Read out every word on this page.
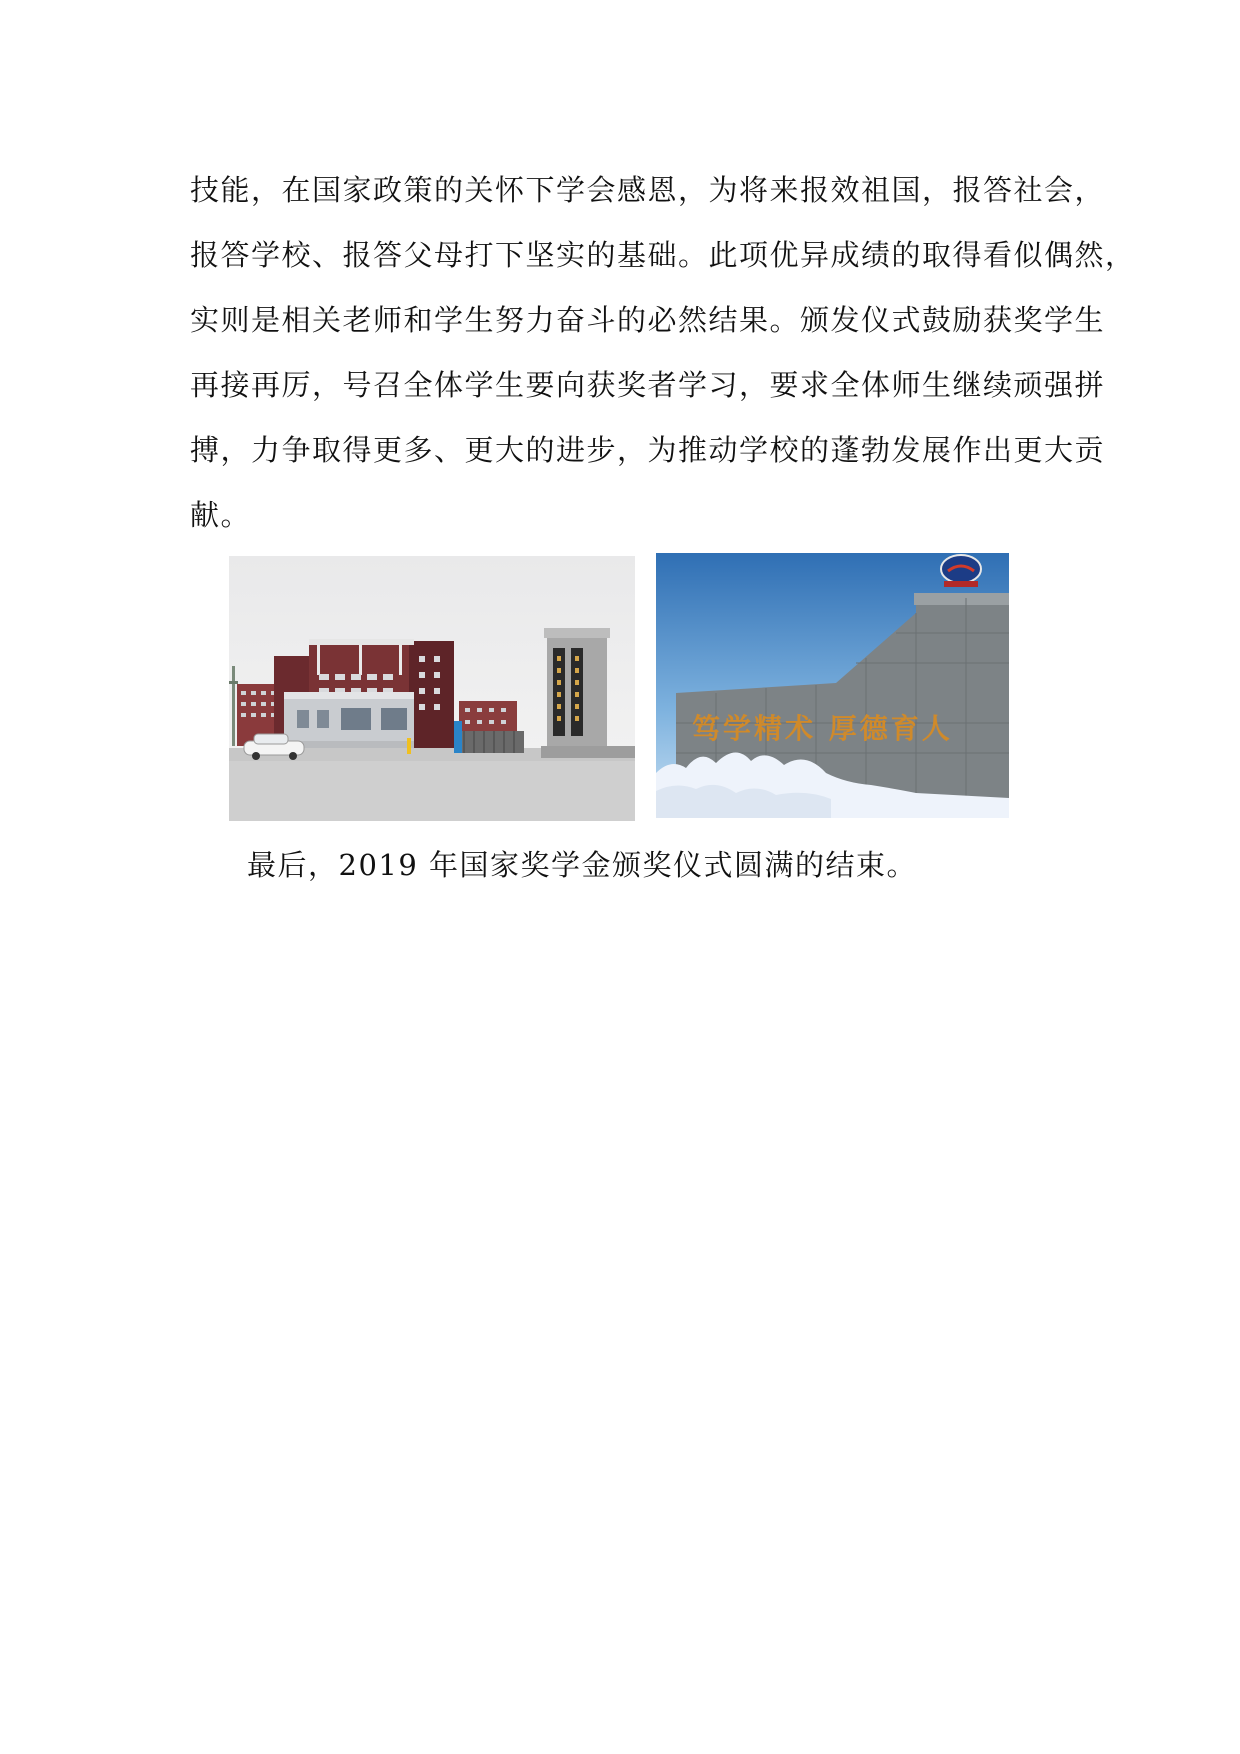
技能，在国家政策的关怀下学会感恩，为将来报效祖国，报答社会，
报答学校、报答父母打下坚实的基础。此项优异成绩的取得看似偶然，
实则是相关老师和学生努力奋斗的必然结果。颁发仪式鼓励获奖学生
再接再厉，号召全体学生要向获奖者学习，要求全体师生继续顽强拼
搏，力争取得更多、更大的进步，为推动学校的蓬勃发展作出更大贡
献。
笃学精术 厚德育人

最后，2019 年国家奖学金颁奖仪式圆满的结束。
